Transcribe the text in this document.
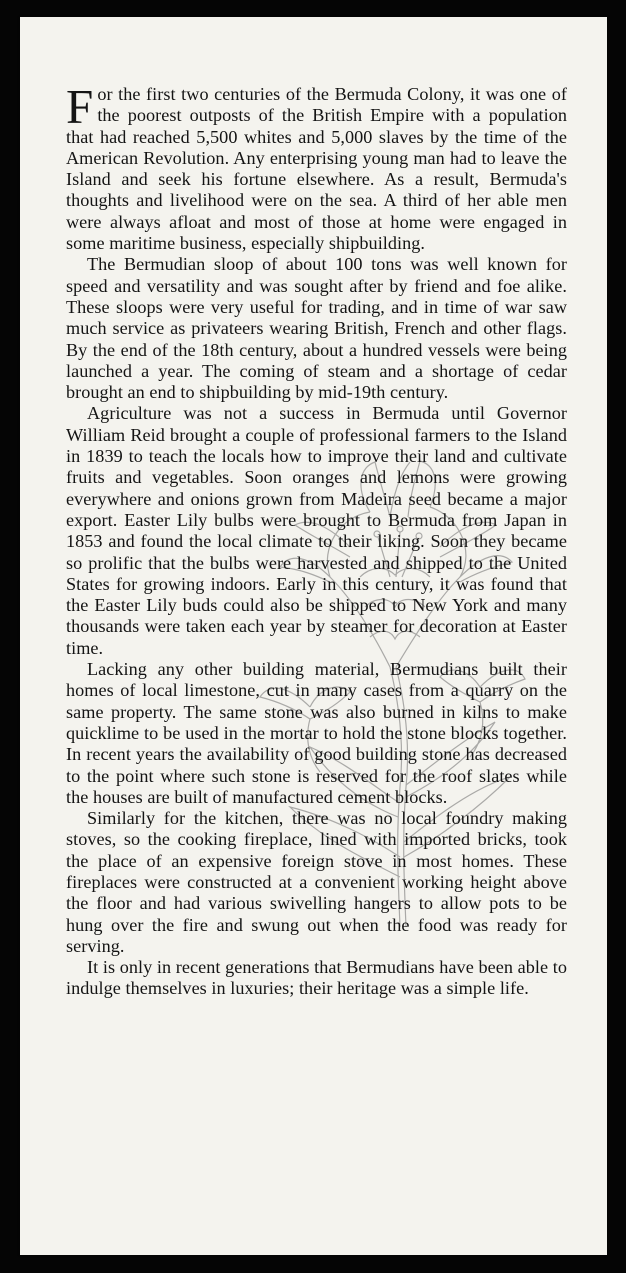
For the first two centuries of the Bermuda Colony, it was one of the poorest outposts of the British Empire with a population that had reached 5,500 whites and 5,000 slaves by the time of the American Revolution. Any enterprising young man had to leave the Island and seek his fortune elsewhere. As a result, Bermuda's thoughts and livelihood were on the sea. A third of her able men were always afloat and most of those at home were engaged in some maritime business, especially shipbuilding.

The Bermudian sloop of about 100 tons was well known for speed and versatility and was sought after by friend and foe alike. These sloops were very useful for trading, and in time of war saw much service as privateers wearing British, French and other flags. By the end of the 18th century, about a hundred vessels were being launched a year. The coming of steam and a shortage of cedar brought an end to shipbuilding by mid-19th century.

Agriculture was not a success in Bermuda until Governor William Reid brought a couple of professional farmers to the Island in 1839 to teach the locals how to improve their land and cultivate fruits and vegetables. Soon oranges and lemons were growing everywhere and onions grown from Madeira seed became a major export. Easter Lily bulbs were brought to Bermuda from Japan in 1853 and found the local climate to their liking. Soon they became so prolific that the bulbs were harvested and shipped to the United States for growing indoors. Early in this century, it was found that the Easter Lily buds could also be shipped to New York and many thousands were taken each year by steamer for decoration at Easter time.

Lacking any other building material, Bermudians built their homes of local limestone, cut in many cases from a quarry on the same property. The same stone was also burned in kilns to make quicklime to be used in the mortar to hold the stone blocks together. In recent years the availability of good building stone has decreased to the point where such stone is reserved for the roof slates while the houses are built of manufactured cement blocks.

Similarly for the kitchen, there was no local foundry making stoves, so the cooking fireplace, lined with imported bricks, took the place of an expensive foreign stove in most homes. These fireplaces were constructed at a convenient working height above the floor and had various swivelling hangers to allow pots to be hung over the fire and swung out when the food was ready for serving.

It is only in recent generations that Bermudians have been able to indulge themselves in luxuries; their heritage was a simple life.
